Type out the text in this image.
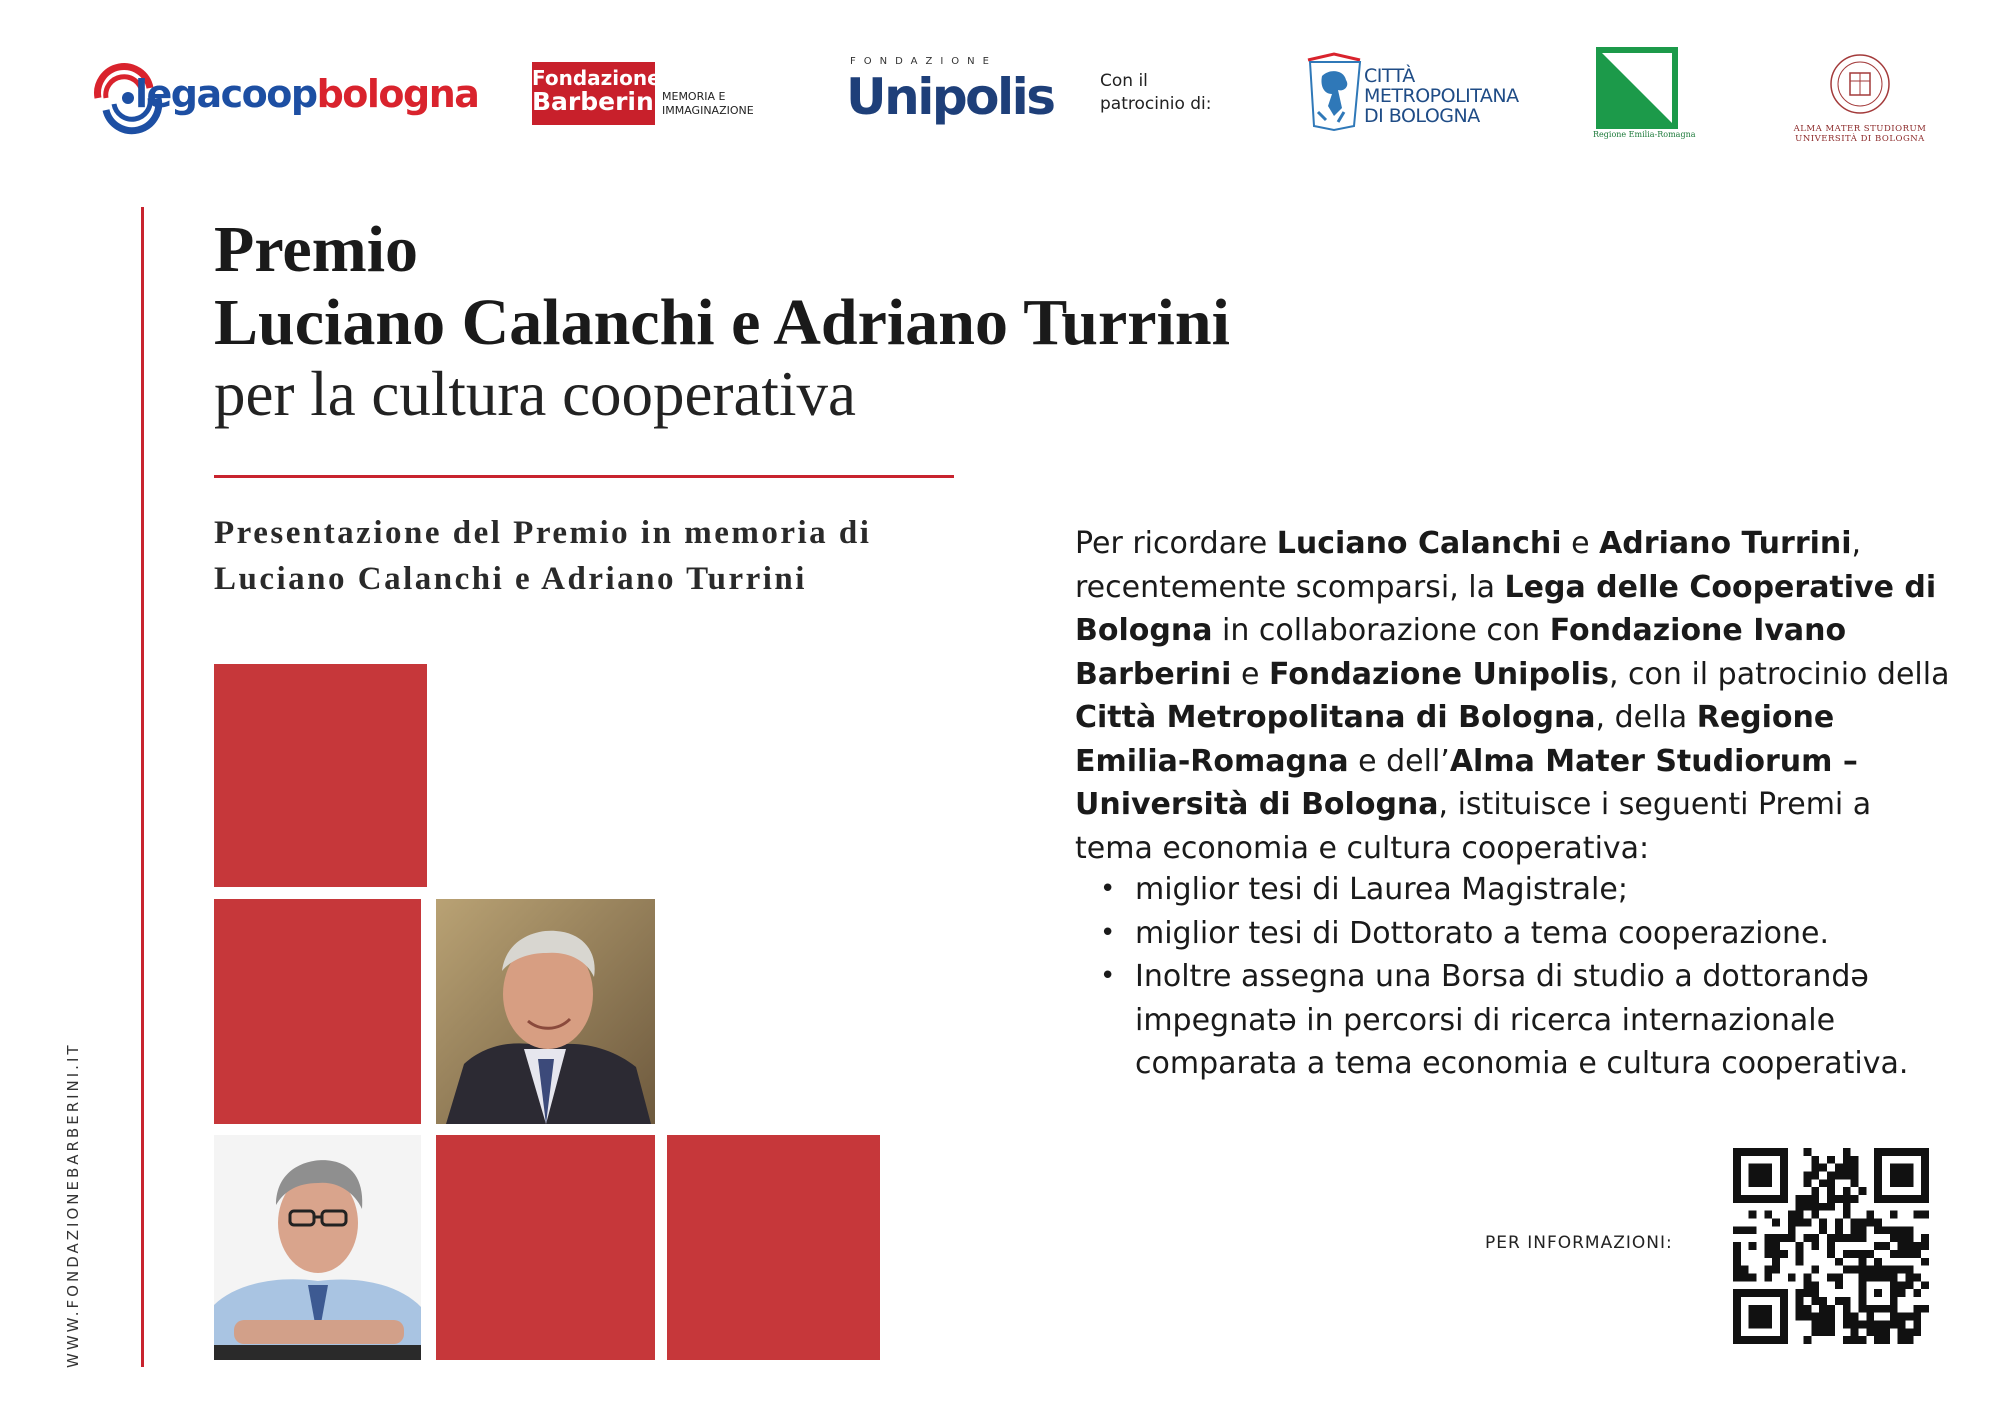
legacoopbologna	Fondazione
Barberini MEMORIA E
IMMAGINAZIONE
FONDAZIONE
Unipolis	Con il
patrocinio di:
CITTÀ
METROPOLITANA
DI BOLOGNA
Regione Emilia-Romagna
ALMA MATER STUDIORUM
UNIVERSITÀ DI BOLOGNA
WWW.FONDAZIONEBARBERINI.IT
Premio
Luciano Calanchi e Adriano Turrini
per la cultura cooperativa
Presentazione del Premio in memoria di
Luciano Calanchi e Adriano Turrini
Per ricordare Luciano Calanchi e Adriano Turrini, recentemente scomparsi, la Lega delle Cooperative di Bologna in collaborazione con Fondazione Ivano Barberini e Fondazione Unipolis, con il patrocinio della Città Metropolitana di Bologna, della Regione Emilia-Romagna e dell’Alma Mater Studiorum – Università di Bologna, istituisce i seguenti Premi a tema economia e cultura cooperativa:
• miglior tesi di Laurea Magistrale;
• miglior tesi di Dottorato a tema cooperazione.
• Inoltre assegna una Borsa di studio a dottorandə impegnatə in percorsi di ricerca internazionale comparata a tema economia e cultura cooperativa.
PER INFORMAZIONI:
